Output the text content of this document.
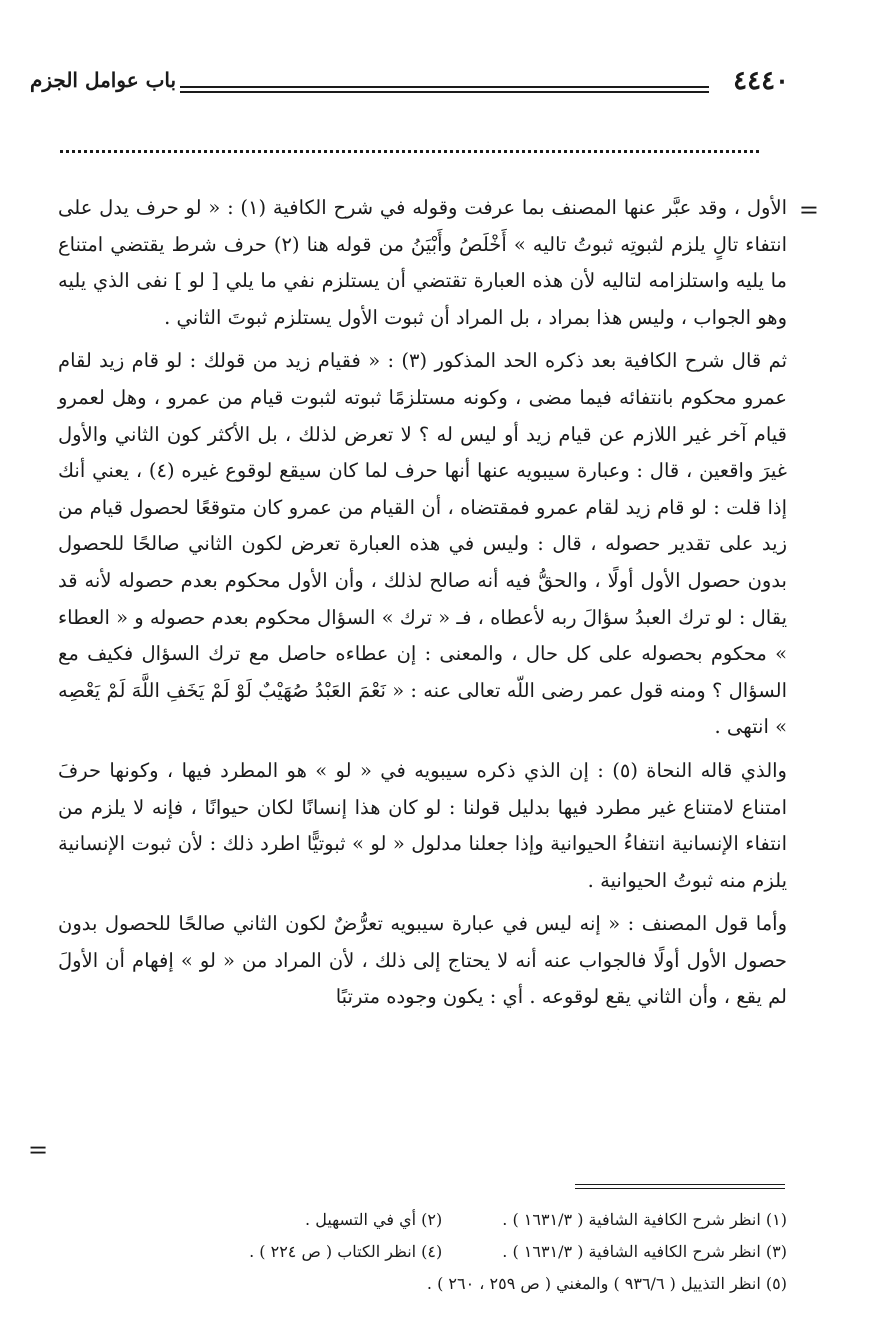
٤٤٤٠
باب عوامل الجزم
=

الأول ، وقد عبَّر عنها المصنف بما عرفت وقوله في شرح الكافية (١) : « لو حرف يدل على انتفاء تالٍ يلزم لثبوتِه ثبوتُ تاليه » أَخْلَصُ وأَبْيَنُ من قوله هنا (٢) حرف شرط يقتضي امتناع ما يليه واستلزامه لتاليه لأن هذه العبارة تقتضي أن يستلزم نفي ما يلي [ لو ] نفى الذي يليه وهو الجواب ، وليس هذا بمراد ، بل المراد أن ثبوت الأول يستلزم ثبوتَ الثاني .

ثم قال شرح الكافية بعد ذكره الحد المذكور (٣) : « فقيام زيد من قولك : لو قام زيد لقام عمرو محكوم بانتفائه فيما مضى ، وكونه مستلزمًا ثبوته لثبوت قيام من عمرو ، وهل لعمرو قيام آخر غير اللازم عن قيام زيد أو ليس له ؟ لا تعرض لذلك ، بل الأكثر كون الثاني والأول غيرَ واقعين ، قال : وعبارة سيبويه عنها أنها حرف لما كان سيقع لوقوع غيره (٤) ، يعني أنك إذا قلت : لو قام زيد لقام عمرو فمقتضاه ، أن القيام من عمرو كان متوقعًا لحصول قيام من زيد على تقدير حصوله ، قال : وليس في هذه العبارة تعرض لكون الثاني صالحًا للحصول بدون حصول الأول أولًا ، والحقُّ فيه أنه صالح لذلك ، وأن الأول محكوم بعدم حصوله لأنه قد يقال : لو ترك العبدُ سؤالَ ربه لأعطاه ، فـ « ترك » السؤال محكوم بعدم حصوله و « العطاء » محكوم بحصوله على كل حال ، والمعنى : إن عطاءه حاصل مع ترك السؤال فكيف مع السؤال ؟ ومنه قول عمر رضى اللّه تعالى عنه : « نَعْمَ العَبْدُ صُهَيْبٌ لَوْ لَمْ يَخَفِ اللَّهَ لَمْ يَعْصِه » انتهى .

والذي قاله النحاة (٥) : إن الذي ذكره سيبويه في « لو » هو المطرد فيها ، وكونها حرفَ امتناع لامتناع غير مطرد فيها بدليل قولنا : لو كان هذا إنسانًا لكان حيوانًا ، فإنه لا يلزم من انتفاء الإنسانية انتفاءُ الحيوانية وإذا جعلنا مدلول « لو » ثبوتيًّا اطرد ذلك : لأن ثبوت الإنسانية يلزم منه ثبوتُ الحيوانية .

وأما قول المصنف : « إنه ليس في عبارة سيبويه تعرُّضٌ لكون الثاني صالحًا للحصول بدون حصول الأول أولًا فالجواب عنه أنه لا يحتاج إلى ذلك ، لأن المراد من « لو » إفهام أن الأولَ لم يقع ، وأن الثاني يقع لوقوعه . أي : يكون وجوده مترتبًا

=
(١) انظر شرح الكافية الشافية ( ١٦٣١/٣ ) .
(٢) أي في التسهيل .
(٣) انظر شرح الكافيه الشافية ( ١٦٣١/٣ ) .
(٤) انظر الكتاب ( ص ٢٢٤ ) .
(٥) انظر التذييل ( ٩٣٦/٦ ) والمغني ( ص ٢٥٩ ، ٢٦٠ ) .
